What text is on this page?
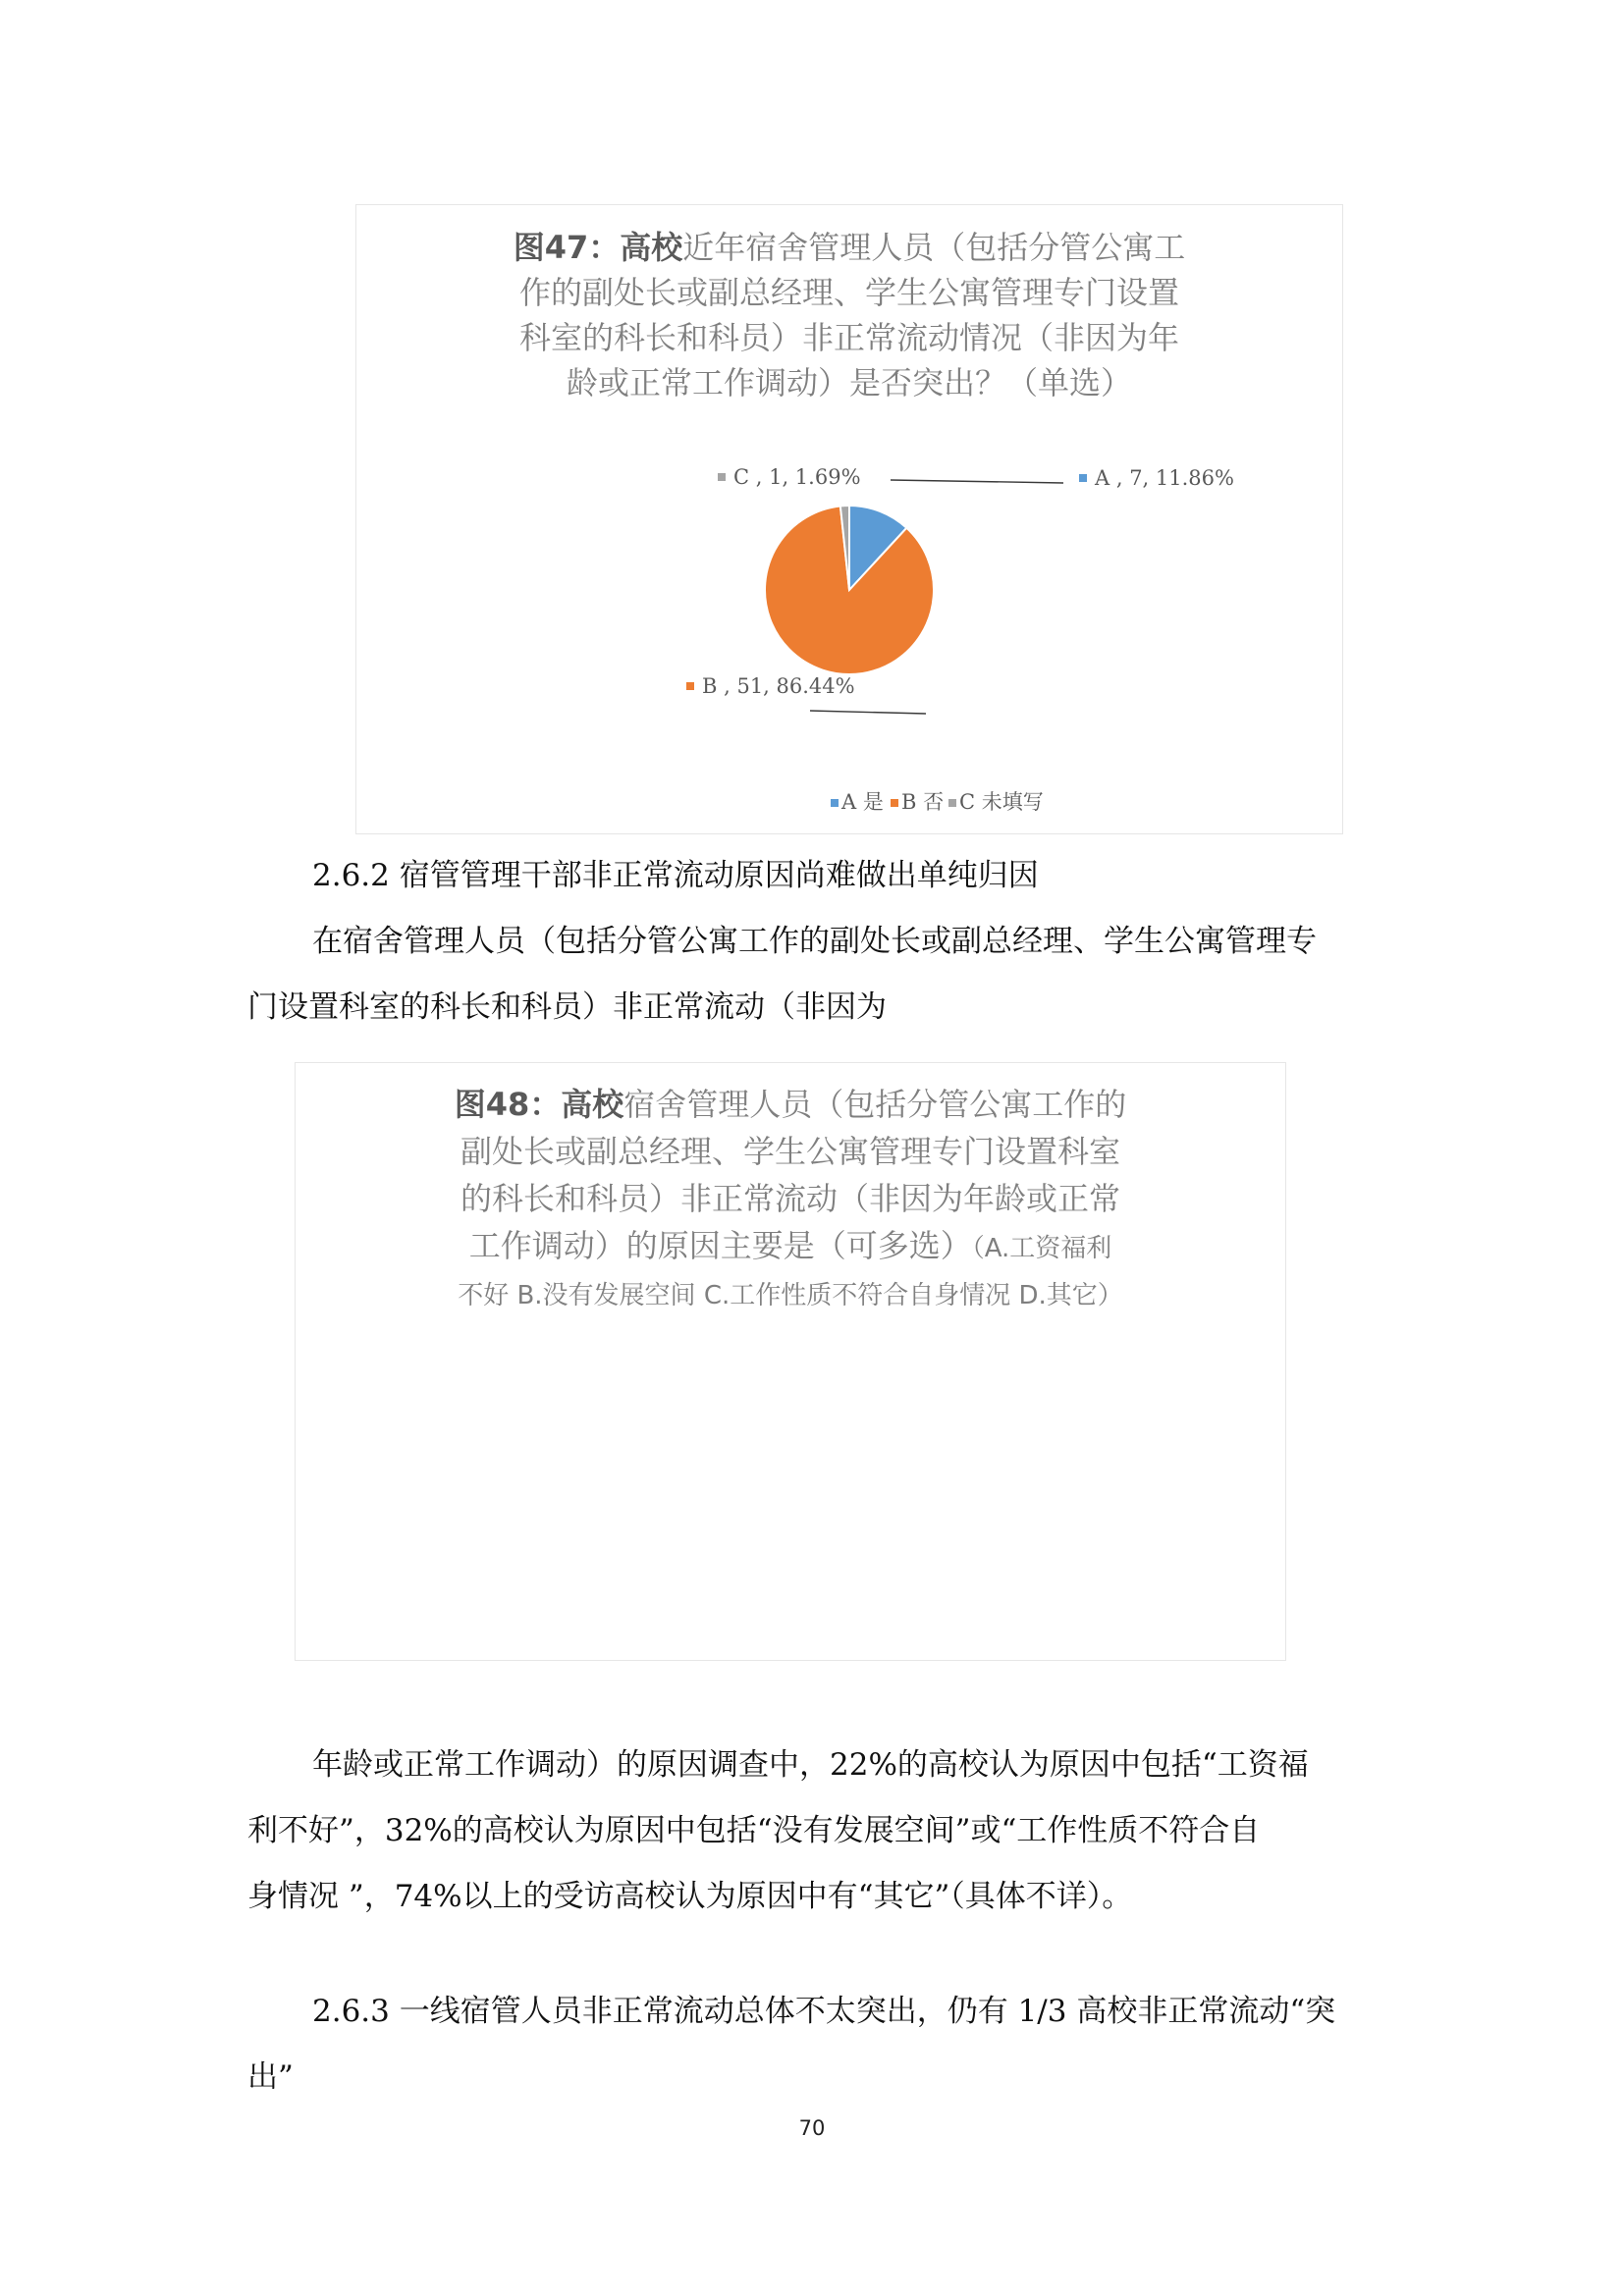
图47：高校近年宿舍管理人员（包括分管公寓工
作的副处长或副总经理、学生公寓管理专门设置
科室的科长和科员）非正常流动情况（非因为年
龄或正常工作调动）是否突出？（单选）
A , 7, 11.86%
B , 51, 86.44%
C , 1, 1.69%
A 是 B 否 C 未填写
2.6.2 宿管管理干部非正常流动原因尚难做出单纯归因
在宿舍管理人员（包括分管公寓工作的副处长或副总经理、学生公寓管理专
门设置科室的科长和科员）非正常流动（非因为
图48：高校宿舍管理人员（包括分管公寓工作的
副处长或副总经理、学生公寓管理专门设置科室
的科长和科员）非正常流动（非因为年龄或正常
工作调动）的原因主要是（可多选）（A.工资福利
不好 B.没有发展空间 C.工作性质不符合自身情况 D.其它）
年龄或正常工作调动）的原因调查中，22%的高校认为原因中包括“工资福
利不好”，32%的高校认为原因中包括“没有发展空间”或“工作性质不符合自
身情况 ”，74%以上的受访高校认为原因中有“其它”（具体不详）。
2.6.3 一线宿管人员非正常流动总体不太突出，仍有 1/3 高校非正常流动“突
出”
70
